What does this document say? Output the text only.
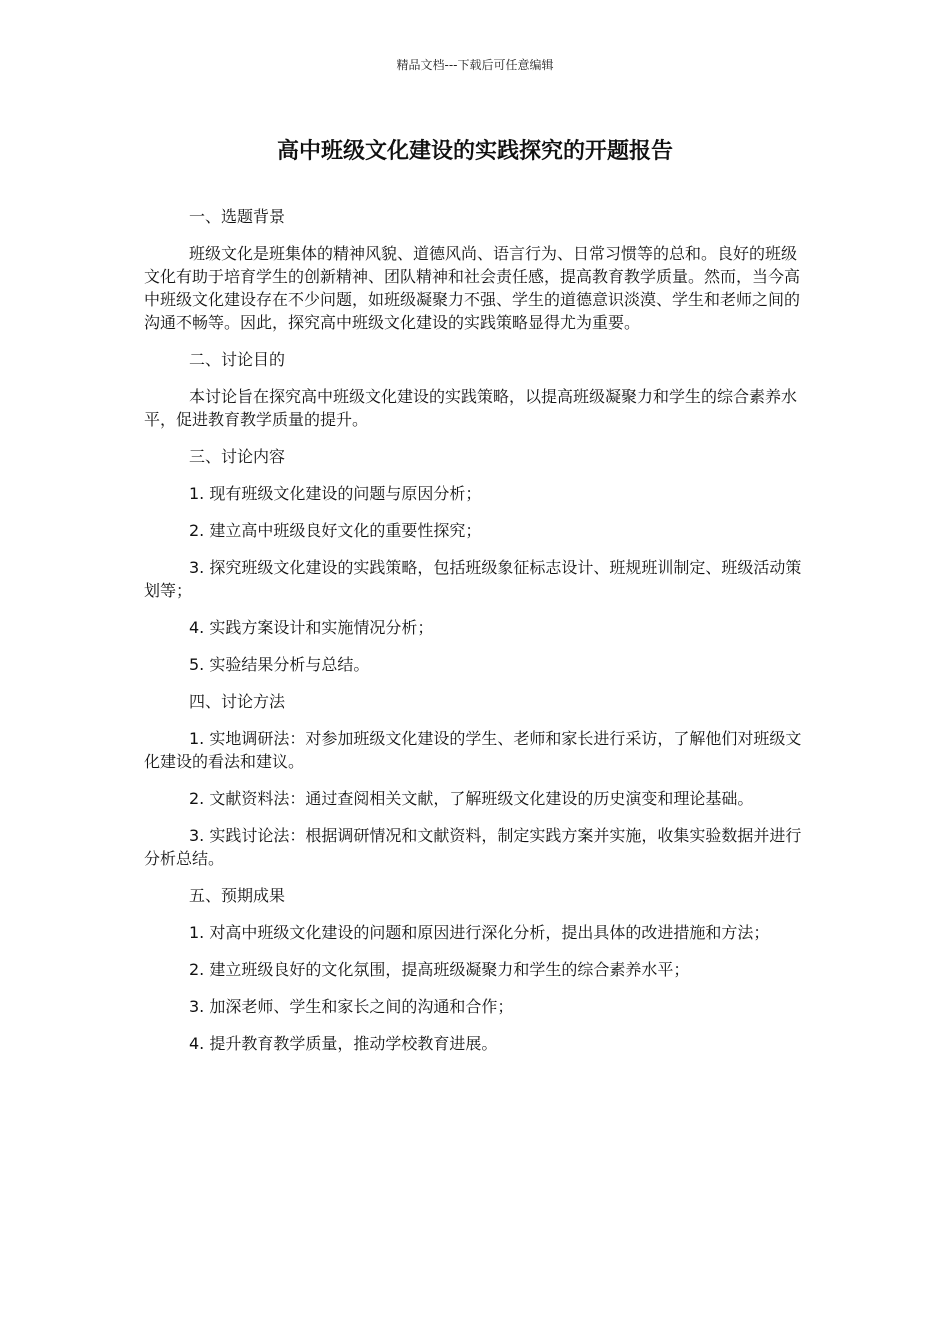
精品文档---下载后可任意编辑
高中班级文化建设的实践探究的开题报告

一、选题背景

班级文化是班集体的精神风貌、道德风尚、语言行为、日常习惯等的总和。良好的班级文化有助于培育学生的创新精神、团队精神和社会责任感，提高教育教学质量。然而，当今高中班级文化建设存在不少问题，如班级凝聚力不强、学生的道德意识淡漠、学生和老师之间的沟通不畅等。因此，探究高中班级文化建设的实践策略显得尤为重要。

二、讨论目的

本讨论旨在探究高中班级文化建设的实践策略，以提高班级凝聚力和学生的综合素养水平，促进教育教学质量的提升。

三、讨论内容

1. 现有班级文化建设的问题与原因分析；

2. 建立高中班级良好文化的重要性探究；

3. 探究班级文化建设的实践策略，包括班级象征标志设计、班规班训制定、班级活动策划等；

4. 实践方案设计和实施情况分析；

5. 实验结果分析与总结。

四、讨论方法

1. 实地调研法：对参加班级文化建设的学生、老师和家长进行采访，了解他们对班级文化建设的看法和建议。

2. 文献资料法：通过查阅相关文献，了解班级文化建设的历史演变和理论基础。

3. 实践讨论法：根据调研情况和文献资料，制定实践方案并实施，收集实验数据并进行分析总结。

五、预期成果

1. 对高中班级文化建设的问题和原因进行深化分析，提出具体的改进措施和方法；

2. 建立班级良好的文化氛围，提高班级凝聚力和学生的综合素养水平；

3. 加深老师、学生和家长之间的沟通和合作；

4. 提升教育教学质量，推动学校教育进展。
